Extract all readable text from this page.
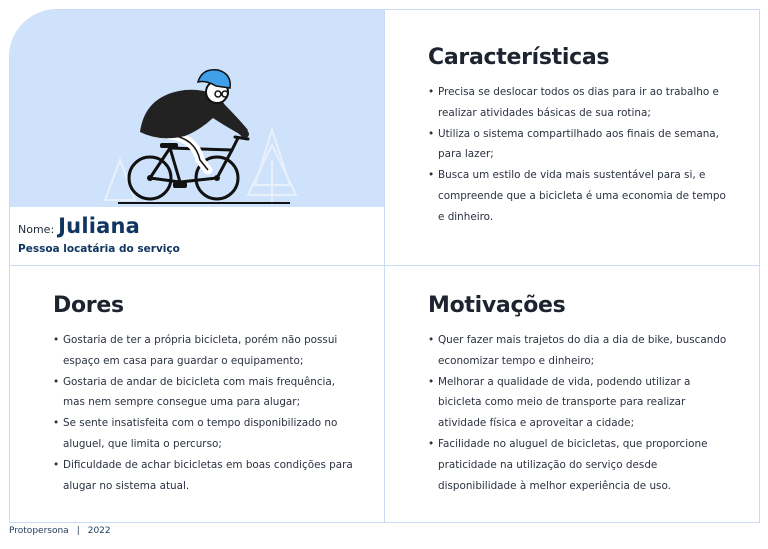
Nome: Juliana
Pessoa locatária do serviço
Características
• Precisa se deslocar todos os dias para ir ao trabalho e realizar atividades básicas de sua rotina;
• Utiliza o sistema compartilhado aos finais de semana, para lazer;
• Busca um estilo de vida mais sustentável para si, e compreende que a bicicleta é uma economia de tempo e dinheiro.
Dores
• Gostaria de ter a própria bicicleta, porém não possui espaço em casa para guardar o equipamento;
• Gostaria de andar de bicicleta com mais frequência, mas nem sempre consegue uma para alugar;
• Se sente insatisfeita com o tempo disponibilizado no aluguel, que limita o percurso;
• Dificuldade de achar bicicletas em boas condições para alugar no sistema atual.
Motivações
• Quer fazer mais trajetos do dia a dia de bike, buscando economizar tempo e dinheiro;
• Melhorar a qualidade de vida, podendo utilizar a bicicleta como meio de transporte para realizar atividade física e aproveitar a cidade;
• Facilidade no aluguel de bicicletas, que proporcione praticidade na utilização do serviço desde disponibilidade à melhor experiência de uso.
Protopersona | 2022
